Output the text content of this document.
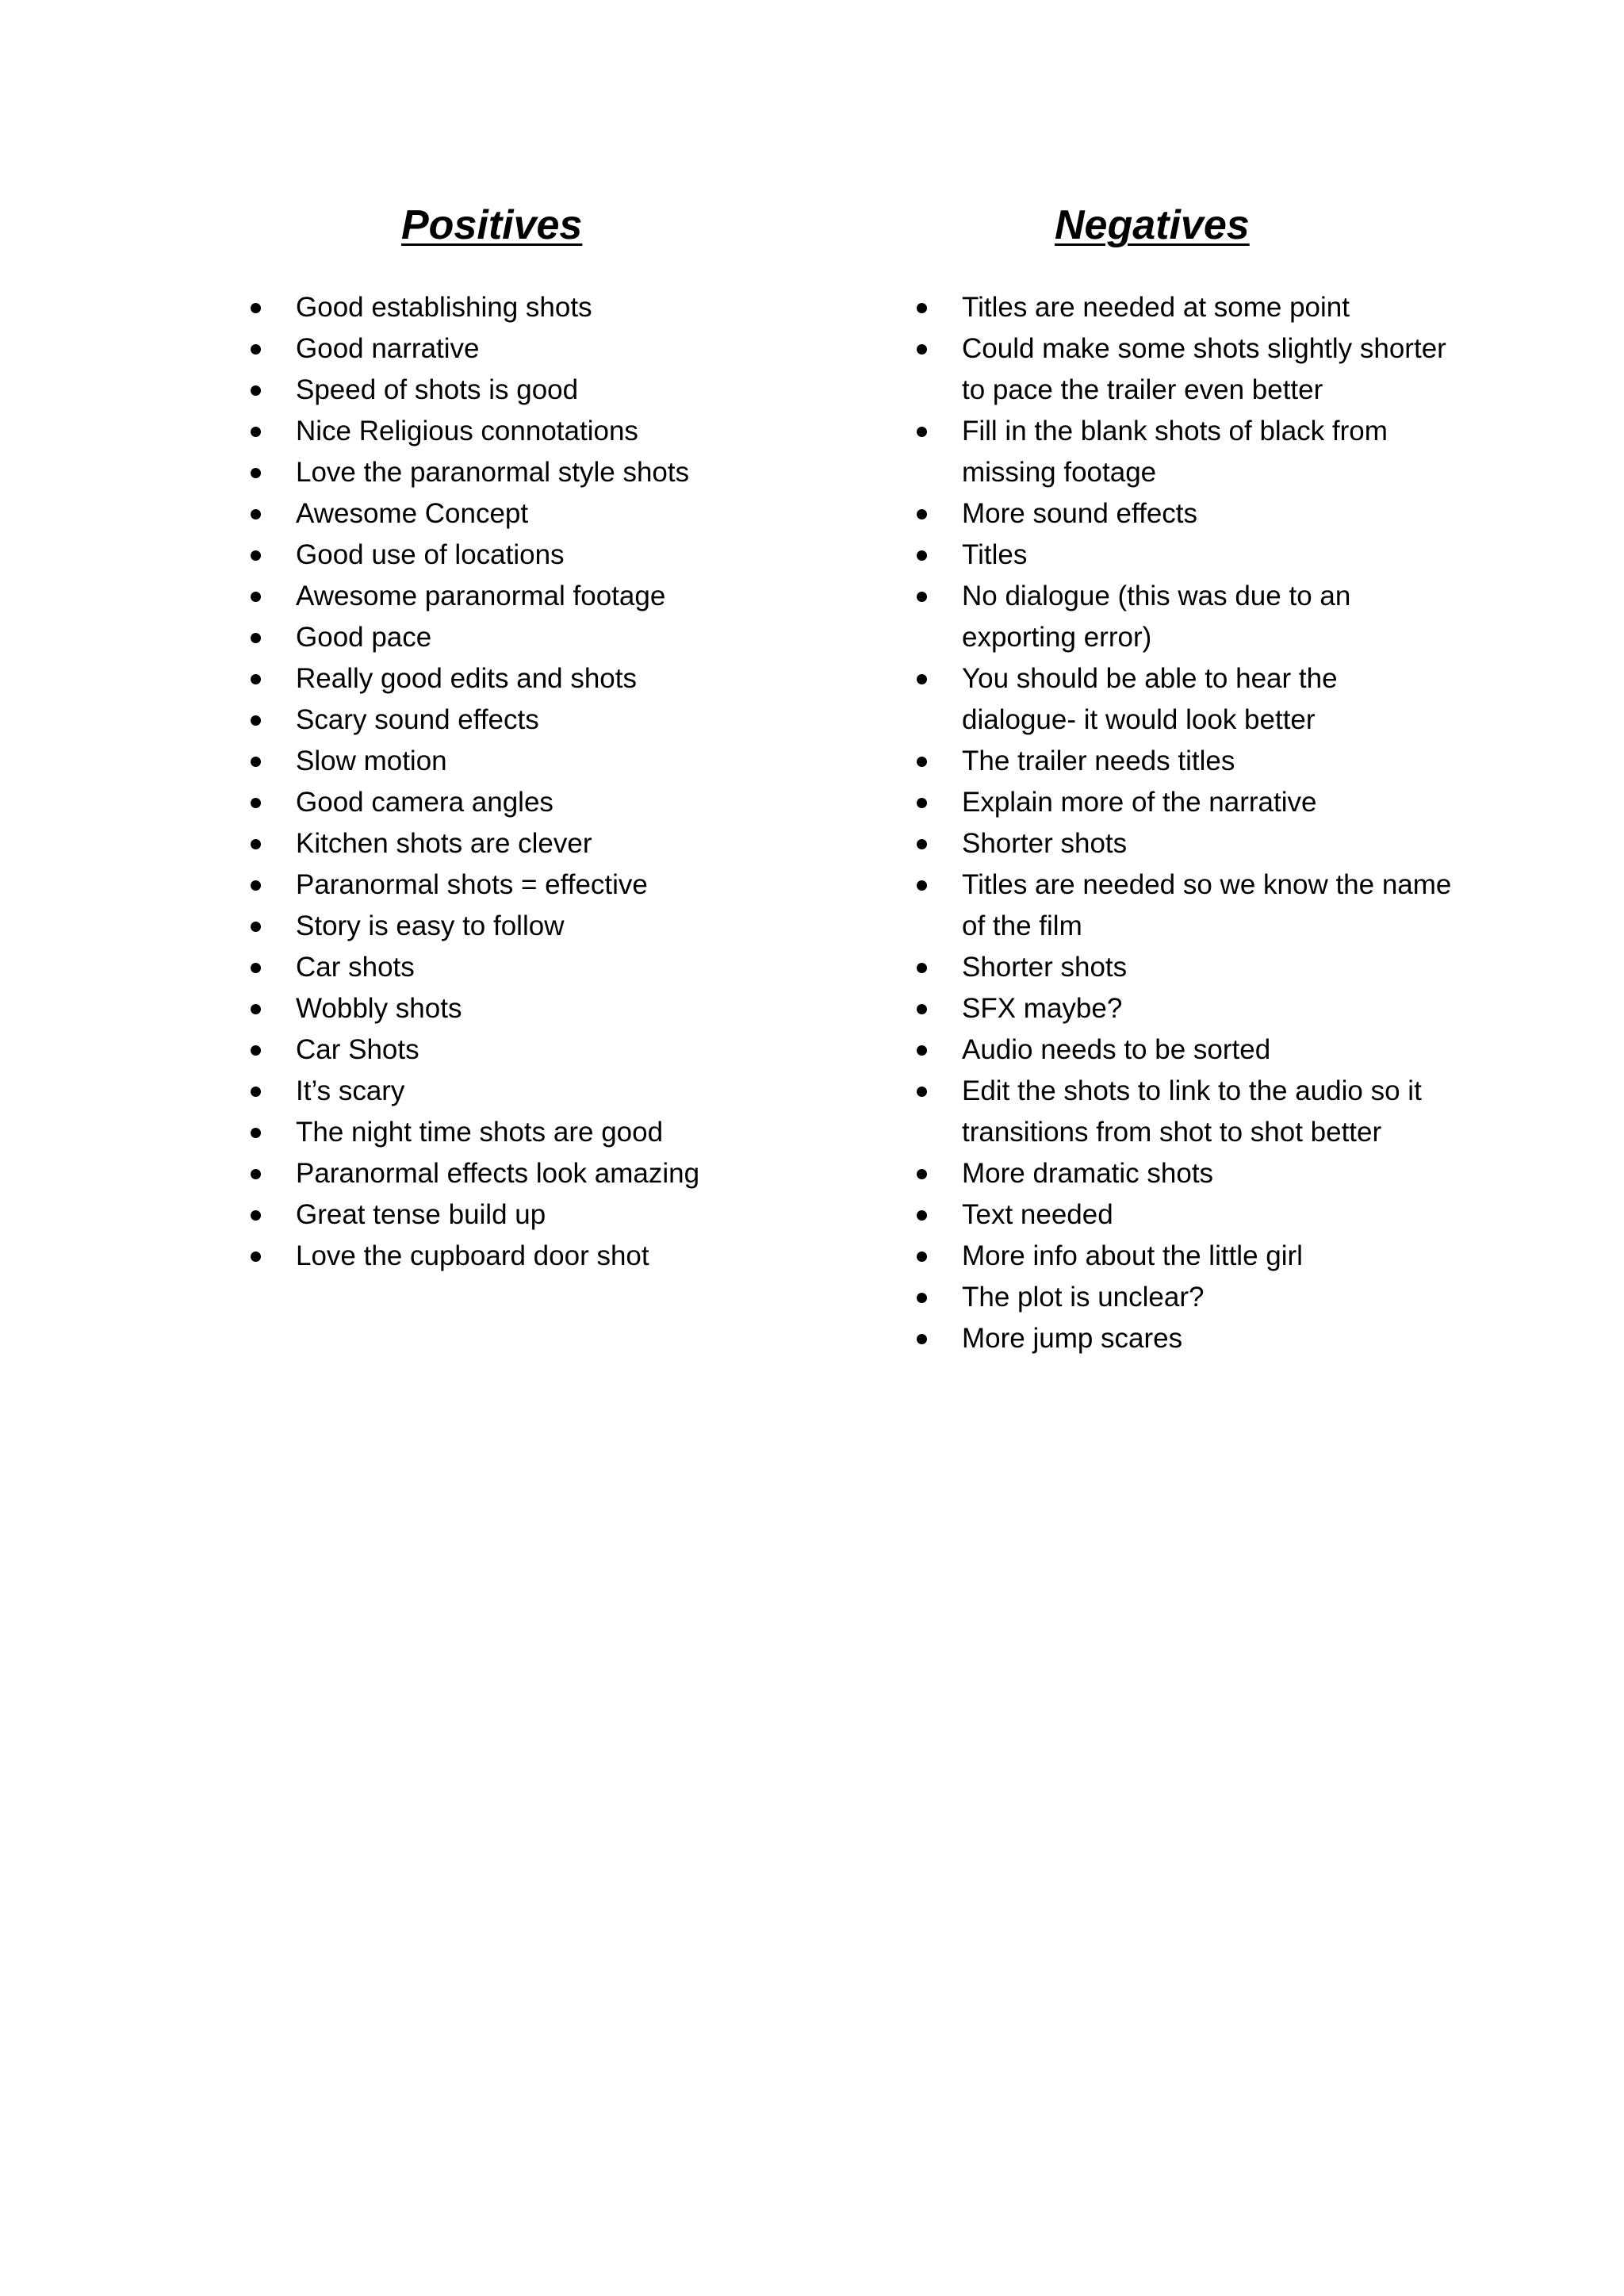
Positives
Good establishing shots
Good narrative
Speed of shots is good
Nice Religious connotations
Love the paranormal style shots
Awesome Concept
Good use of locations
Awesome paranormal footage
Good pace
Really good edits and shots
Scary sound effects
Slow motion
Good camera angles
Kitchen shots are clever
Paranormal shots = effective
Story is easy to follow
Car shots
Wobbly shots
Car Shots
It’s scary
The night time shots are good
Paranormal effects look amazing
Great tense build up
Love the cupboard door shot
Negatives
Titles are needed at some point
Could make some shots slightly shorter to pace the trailer even better
Fill in the blank shots of black from missing footage
More sound effects
Titles
No dialogue (this was due to an exporting error)
You should be able to hear the dialogue- it would look better
The trailer needs titles
Explain more of the narrative
Shorter shots
Titles are needed so we know the name of the film
Shorter shots
SFX maybe?
Audio needs to be sorted
Edit the shots to link to the audio so it transitions from shot to shot better
More dramatic shots
Text needed
More info about the little girl
The plot is unclear?
More jump scares
